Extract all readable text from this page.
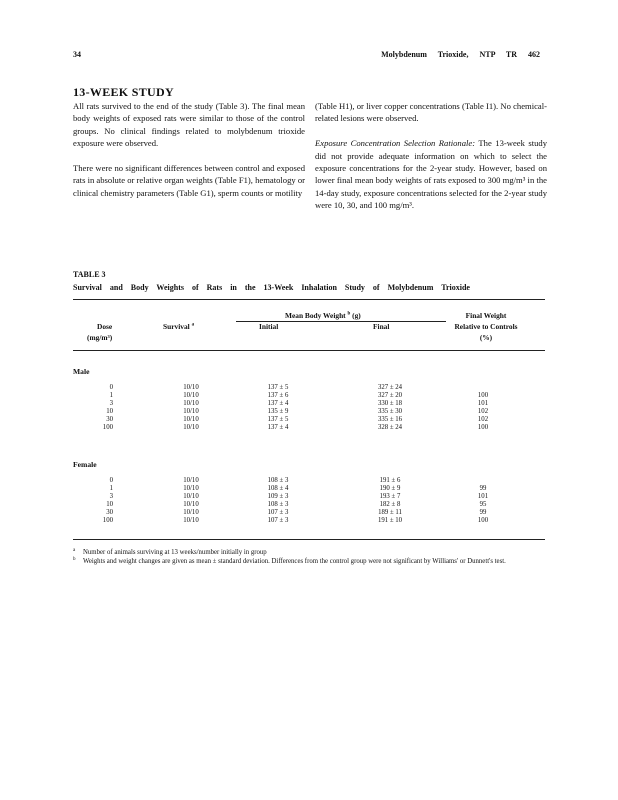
34	Molybdenum Trioxide, NTP TR 462
13-WEEK STUDY

All rats survived to the end of the study (Table 3). The final mean body weights of exposed rats were similar to those of the control groups. No clinical findings related to molybdenum trioxide exposure were observed.

There were no significant differences between control and exposed rats in absolute or relative organ weights (Table F1), hematology or clinical chemistry parameters (Table G1), sperm counts or motility

(Table H1), or liver copper concentrations (Table I1). No chemical-related lesions were observed.

Exposure Concentration Selection Rationale: The 13-week study did not provide adequate information on which to select the exposure concentrations for the 2-year study. However, based on lower final mean body weights of rats exposed to 300 mg/m³ in the 14-day study, exposure concentrations selected for the 2-year study were 10, 30, and 100 mg/m³.

TABLE 3
Survival and Body Weights of Rats in the 13-Week Inhalation Study of Molybdenum Trioxide
Mean Body Weight $^b$ (g)	Final Weight
Dose
(mg/m³)
Survival $^a$	Initial	Final	Relative to Controls
(%)
Male
0	10/10	137 ± 5	327 ± 24
1	10/10	137 ± 6	327 ± 20	100
3	10/10	137 ± 4	330 ± 18	101
10	10/10	135 ± 9	335 ± 30	102
30	10/10	137 ± 5	335 ± 16	102
100	10/10	137 ± 4	328 ± 24	100
Female
0	10/10	108 ± 3	191 ± 6
1	10/10	108 ± 4	190 ± 9	99
3	10/10	109 ± 3	193 ± 7	101
10	10/10	108 ± 3	182 ± 8	95
30	10/10	107 ± 3	189 ± 11	99
100	10/10	107 ± 3	191 ± 10	100
a Number of animals surviving at 13 weeks/number initially in group
b Weights and weight changes are given as mean ± standard deviation. Differences from the control group were not significant by Williams' or Dunnett's test.
